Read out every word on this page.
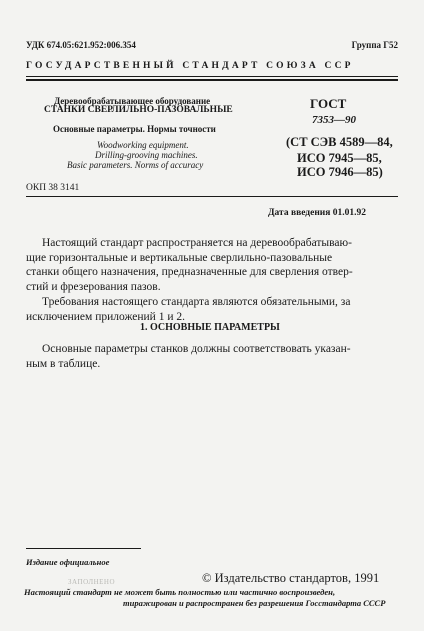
УДК 674.05:621.952:006.354	Группа Г52
ГОСУДАРСТВЕННЫЙ СТАНДАРТ СОЮЗА ССР
Деревообрабатывающее оборудование
СТАНКИ СВЕРЛИЛЬНО-ПАЗОВАЛЬНЫЕ
Основные параметры. Нормы точности
Woodworking equipment.
Drilling-grooving machines.
Basic parameters. Norms of accuracy
ГОСТ
7353—90
(СТ СЭВ 4589—84,
ИСО 7945—85,
ИСО 7946—85)
ОКП 38 3141
Дата введения 01.01.92
Настоящий стандарт распространяется на деревообрабатываю-
щие горизонтальные и вертикальные сверлильно-пазовальные
станки общего назначения, предназначенные для сверления отвер-
стий и фрезерования пазов.
Требования настоящего стандарта являются обязательными, за
исключением приложений 1 и 2.
1. ОСНОВНЫЕ ПАРАМЕТРЫ
Основные параметры станков должны соответствовать указан-
ным в таблице.
Издание официальное
ЗАПОЛНЕНО	© Издательство стандартов, 1991
Настоящий стандарт не может быть полностью или частично воспроизведен,
тиражирован и распространен без разрешения Госстандарта СССР
